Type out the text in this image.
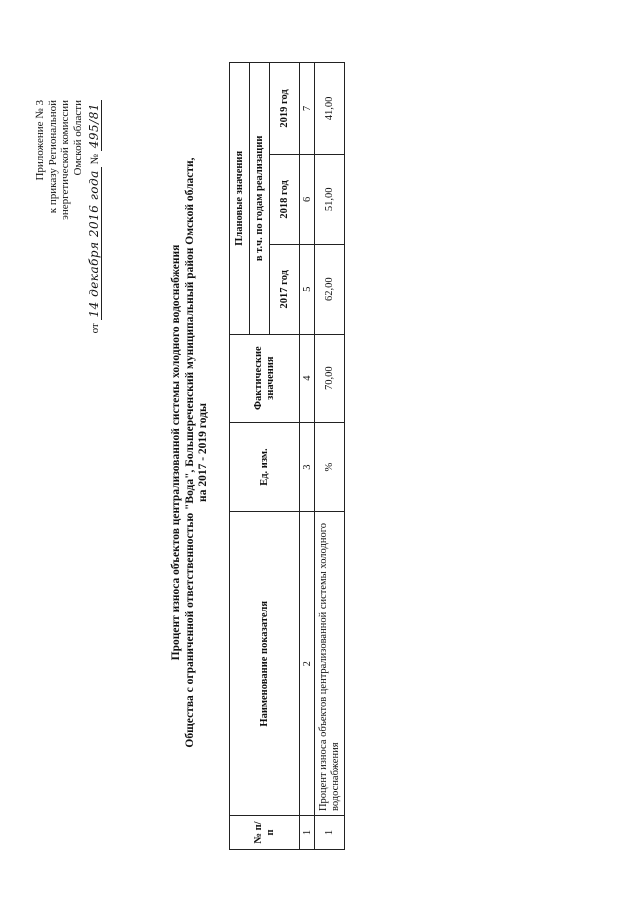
Приложение № 3 к приказу Региональной энергетической комиссии Омской области
от 14 декабря 2016 года № 495/81
Процент износа объектов централизованной системы холодного водоснабжения Общества с ограниченной ответственностью "Вода", Большереченский муниципальный район Омской области, на 2017 - 2019 годы
№ п/п	Наименование показателя	Ед. изм.	Фактические значения	Плановые значения		
				в т.ч. по годам реализации		
				2017 год	2018 год	2019 год
1	2	3	4	5	6	7
1	Процент износа объектов централизованной системы холодного водоснабжения	%	70,00	62,00	51,00	41,00
